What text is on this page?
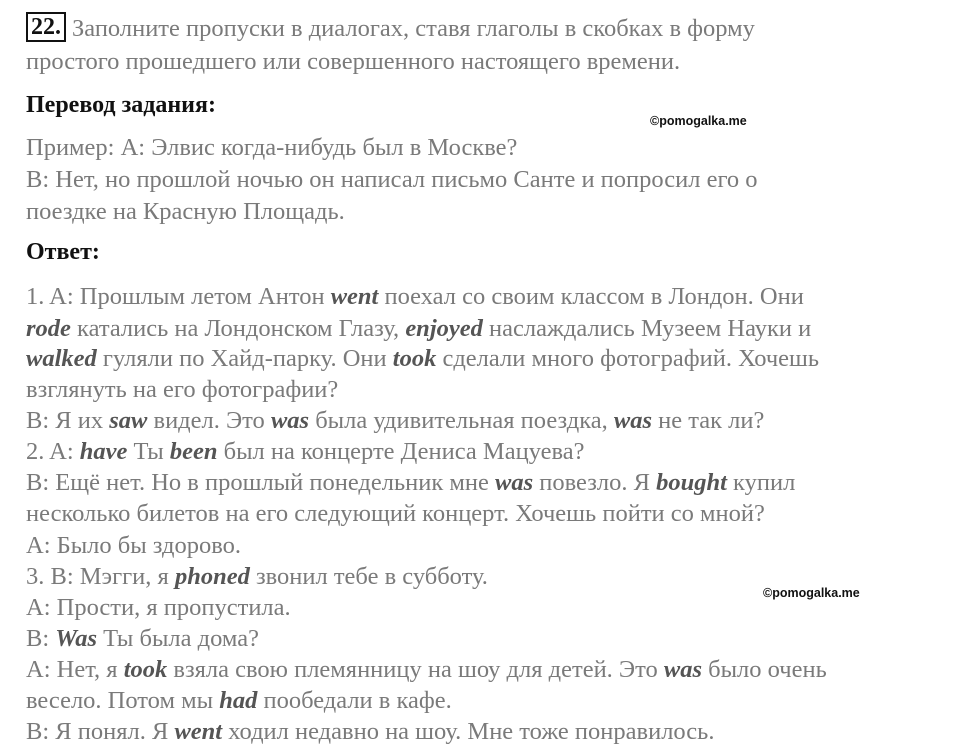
22. Заполните пропуски в диалогах, ставя глаголы в скобках в форму
простого прошедшего или совершенного настоящего времени.
Перевод задания:
©pomogalka.me
Пример: A: Элвис когда-нибудь был в Москве?
B: Нет, но прошлой ночью он написал письмо Санте и попросил его о
поездке на Красную Площадь.
Ответ:
1. A: Прошлым летом Антон went поехал со своим классом в Лондон. Они
rode катались на Лондонском Глазу, enjoyed наслаждались Музеем Науки и
walked гуляли по Хайд-парку. Они took сделали много фотографий. Хочешь
взглянуть на его фотографии?
B: Я их saw видел. Это was была удивительная поездка, was не так ли?
2. A: have Ты been был на концерте Дениса Мацуева?
B: Ещё нет. Но в прошлый понедельник мне was повезло. Я bought купил
несколько билетов на его следующий концерт. Хочешь пойти со мной?
A: Было бы здорово.
3. B: Мэгги, я phoned звонил тебе в субботу.
A: Прости, я пропустила.
B: Was Ты была дома?
A: Нет, я took взяла свою племянницу на шоу для детей. Это was было очень
весело. Потом мы had пообедали в кафе.
B: Я понял. Я went ходил недавно на шоу. Мне тоже понравилось.
©pomogalka.me
